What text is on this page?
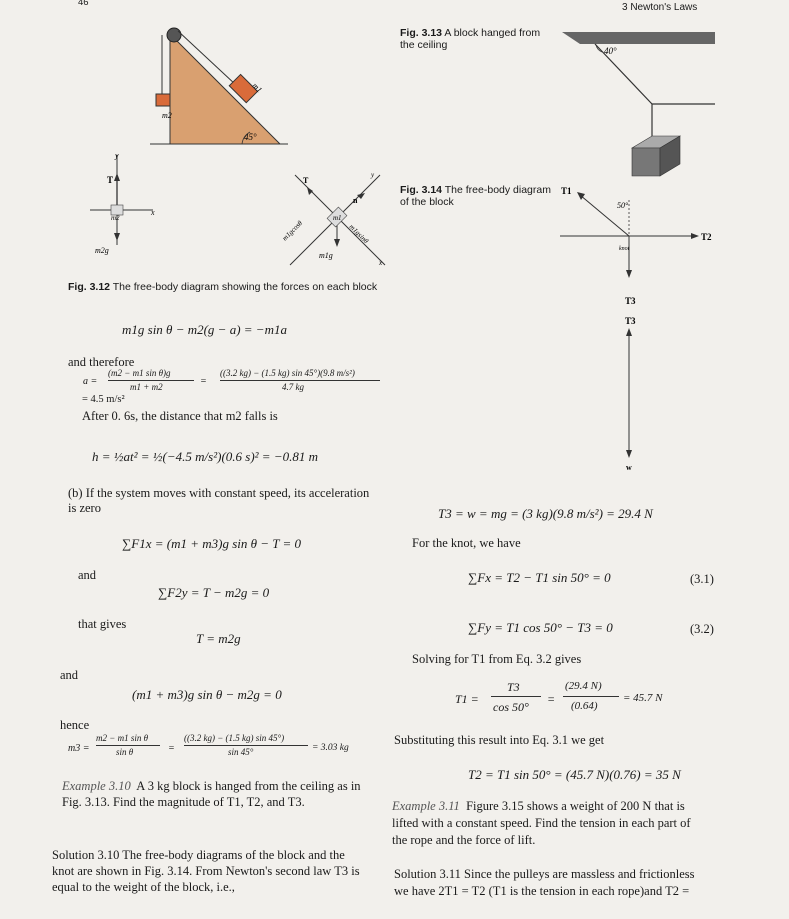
46	3 Newton's Laws
m1
m2
45°
y
T
x
m2
m2g
T
n
y
x
m1
m1gcosθ	m1gsinθ
m1g
Fig. 3.12 The free-body diagram showing the forces on each block
Fig. 3.13 A block hanged from
the ceiling	40°
Fig. 3.14 The free-body diagram
of the block
T1
T2
50°
knot
T3
T3
w
m1g sin θ − m2(g − a) = −m1a
and therefore
a =
(m2 − m1 sin θ)g
m1 + m2	=
((3.2 kg) − (1.5 kg) sin 45°)(9.8 m/s²)
4.7 kg
= 4.5 m/s²
After 0. 6s, the distance that m2 falls is
h = ½at² = ½(−4.5 m/s²)(0.6 s)² = −0.81 m
(b) If the system moves with constant speed, its acceleration
is zero
∑F1x = (m1 + m3)g sin θ − T = 0
and
∑F2y = T − m2g = 0
that gives
T = m2g
and
(m1 + m3)g sin θ − m2g = 0
hence
m3 =
m2 − m1 sin θ
sin θ	=
((3.2 kg) − (1.5 kg) sin 45°)
sin 45°	= 3.03 kg
Example 3.10 A 3 kg block is hanged from the ceiling as in
Fig. 3.13. Find the magnitude of T1, T2, and T3.
Solution 3.10 The free-body diagrams of the block and the
knot are shown in Fig. 3.14. From Newton's second law T3 is
equal to the weight of the block, i.e.,
T3 = w = mg = (3 kg)(9.8 m/s²) = 29.4 N
For the knot, we have
∑Fx = T2 − T1 sin 50° = 0	(3.1)
∑Fy = T1 cos 50° − T3 = 0	(3.2)
Solving for T1 from Eq. 3.2 gives
T1 =
T3
cos 50°
=
(29.4 N)
(0.64)
= 45.7 N
Substituting this result into Eq. 3.1 we get
T2 = T1 sin 50° = (45.7 N)(0.76) = 35 N
Example 3.11 Figure 3.15 shows a weight of 200 N that is
lifted with a constant speed. Find the tension in each part of
the rope and the force of lift.
Solution 3.11 Since the pulleys are massless and frictionless
we have 2T1 = T2 (T1 is the tension in each rope)and T2 =
